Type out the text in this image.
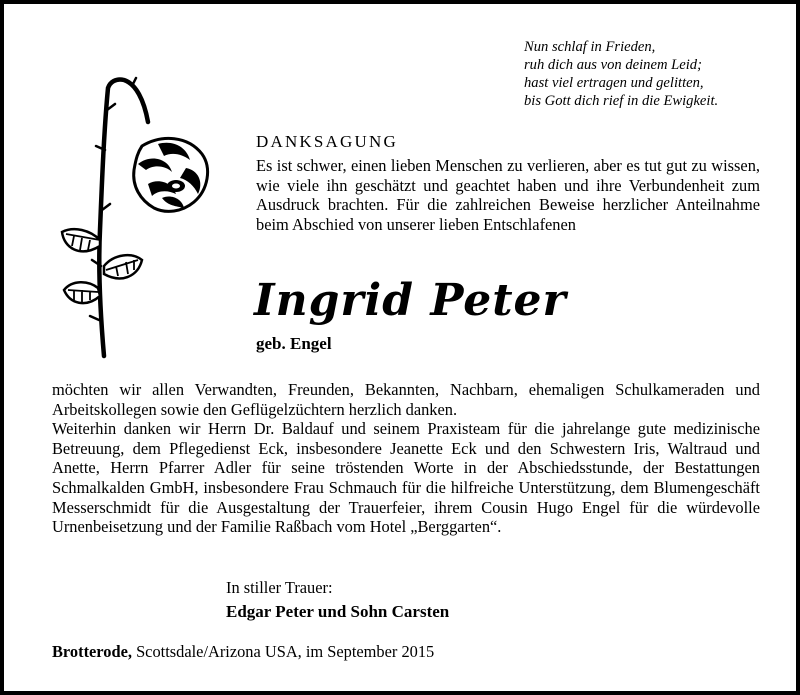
Nun schlaf in Frieden,
ruh dich aus von deinem Leid;
hast viel ertragen und gelitten,
bis Gott dich rief in die Ewigkeit.
DANKSAGUNG
Es ist schwer, einen lieben Menschen zu verlieren, aber es tut gut zu wissen, wie viele ihn geschätzt und geachtet haben und ihre Verbundenheit zum Ausdruck brachten. Für die zahlreichen Beweise herzlicher Anteilnahme beim Abschied von unserer lieben Entschlafenen
Ingrid Peter
geb. Engel

möchten wir allen Verwandten, Freunden, Bekannten, Nachbarn, ehemaligen Schulkameraden und Arbeitskollegen sowie den Geflügelzüchtern herzlich danken.

Weiterhin danken wir Herrn Dr. Baldauf und seinem Praxisteam für die jahrelange gute medizinische Betreuung, dem Pflegedienst Eck, insbesondere Jeanette Eck und den Schwestern Iris, Waltraud und Anette, Herrn Pfarrer Adler für seine tröstenden Worte in der Abschiedsstunde, der Bestattungen Schmalkalden GmbH, insbesondere Frau Schmauch für die hilfreiche Unterstützung, dem Blumengeschäft Messerschmidt für die Ausgestaltung der Trauerfeier, ihrem Cousin Hugo Engel für die würdevolle Urnenbeisetzung und der Familie Raßbach vom Hotel „Berggarten“.

In stiller Trauer:
Edgar Peter und Sohn Carsten
Brotterode, Scottsdale/Arizona USA, im September 2015
